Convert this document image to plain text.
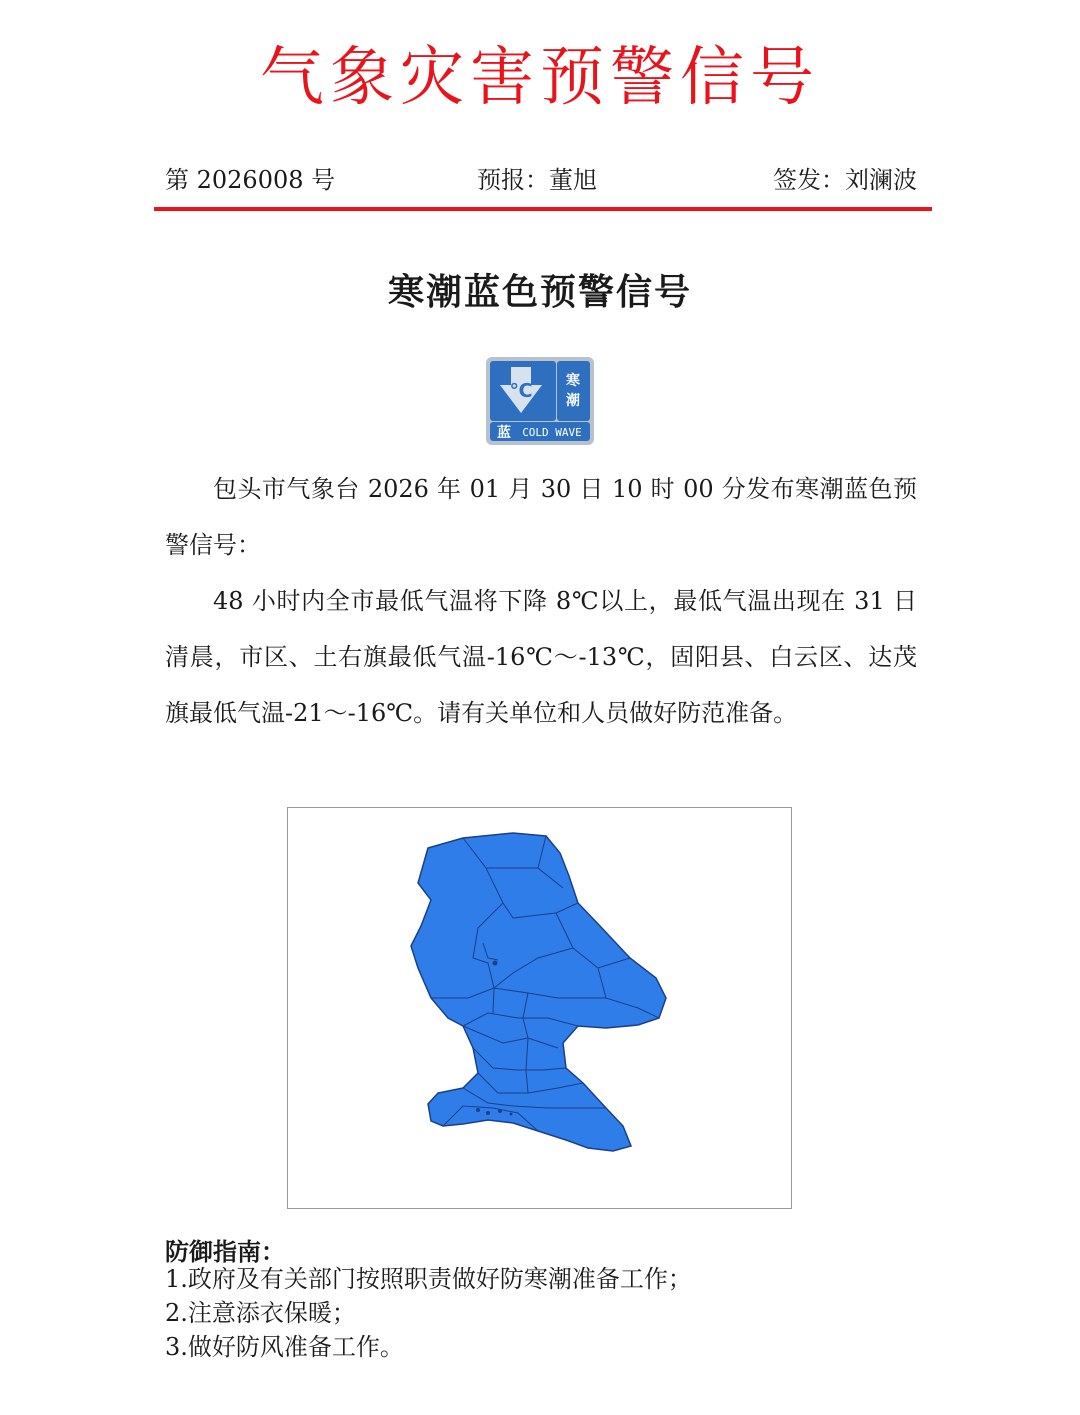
气象灾害预警信号
第 2026008 号	预报：董旭	签发：刘澜波
寒潮蓝色预警信号
℃ 寒
潮
蓝 COLD WAVE

包头市气象台 2026 年 01 月 30 日 10 时 00 分发布寒潮蓝色预警信号：

48 小时内全市最低气温将下降 8℃以上，最低气温出现在 31 日清晨，市区、土右旗最低气温-16℃～-13℃，固阳县、白云区、达茂旗最低气温-21～-16℃。请有关单位和人员做好防范准备。

防御指南：
1.政府及有关部门按照职责做好防寒潮准备工作；
2.注意添衣保暖；
3.做好防风准备工作。
